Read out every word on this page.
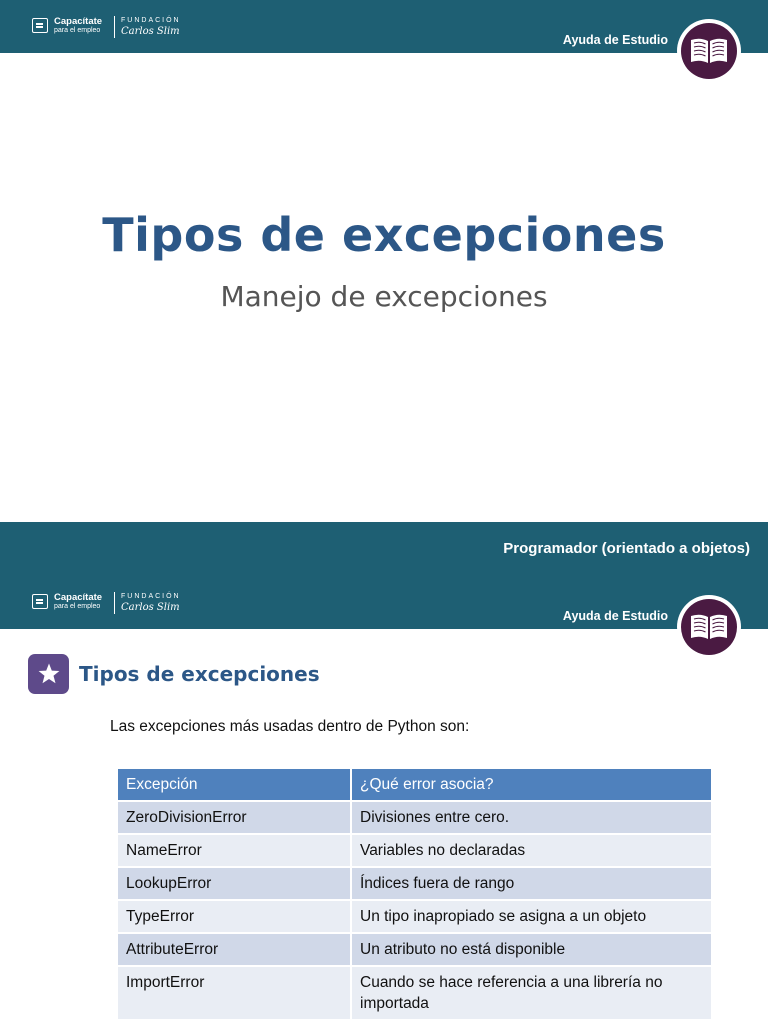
Capacítate
para el empleo
FUNDACIÓN
Carlos Slim
Ayuda de Estudio
Tipos de excepciones
Manejo de excepciones
Programador (orientado a objetos)
Capacítate
para el empleo
FUNDACIÓN
Carlos Slim
Ayuda de Estudio
Tipos de excepciones
Las excepciones más usadas dentro de Python son:
Excepción	¿Qué error asocia?
ZeroDivisionError	Divisiones entre cero.
NameError	Variables no declaradas
LookupError	Índices fuera de rango
TypeError	Un tipo inapropiado se asigna a un objeto
AttributeError	Un atributo no está disponible
ImportError	Cuando se hace referencia a una librería no importada
